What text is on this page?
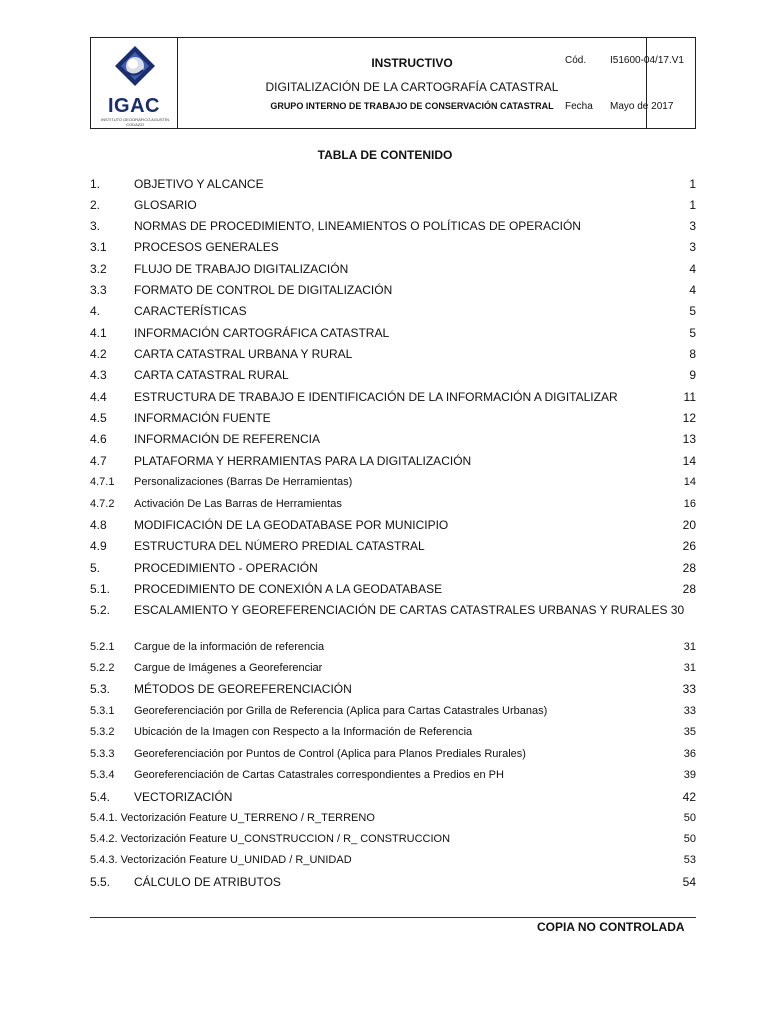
IGAC
INSTITUTO GEOGRÁFICO AGUSTÍN CODAZZI
INSTRUCTIVO
DIGITALIZACIÓN DE LA CARTOGRAFÍA CATASTRAL
GRUPO INTERNO DE TRABAJO DE CONSERVACIÓN CATASTRAL
Cód. I51600-04/17.V1
Fecha Mayo de 2017
TABLA DE CONTENIDO
1.	OBJETIVO Y ALCANCE	1
2.	GLOSARIO	1
3.	NORMAS DE PROCEDIMIENTO, LINEAMIENTOS O POLÍTICAS DE OPERACIÓN	3
3.1 PROCESOS GENERALES	3
3.2 FLUJO DE TRABAJO DIGITALIZACIÓN	4
3.3 FORMATO DE CONTROL DE DIGITALIZACIÓN	4
4.	CARACTERÍSTICAS	5
4.1 INFORMACIÓN CARTOGRÁFICA CATASTRAL	5
4.2 CARTA CATASTRAL URBANA Y RURAL	8
4.3 CARTA CATASTRAL RURAL	9
4.4 ESTRUCTURA DE TRABAJO E IDENTIFICACIÓN DE LA INFORMACIÓN A DIGITALIZAR	11
4.5 INFORMACIÓN FUENTE	12
4.6 INFORMACIÓN DE REFERENCIA	13
4.7 PLATAFORMA Y HERRAMIENTAS PARA LA DIGITALIZACIÓN	14
4.7.1 Personalizaciones (Barras De Herramientas)	14
4.7.2 Activación De Las Barras de Herramientas	16
4.8 MODIFICACIÓN DE LA GEODATABASE POR MUNICIPIO	20
4.9 ESTRUCTURA DEL NÚMERO PREDIAL CATASTRAL	26
5.	PROCEDIMIENTO - OPERACIÓN	28
5.1. PROCEDIMIENTO DE CONEXIÓN A LA GEODATABASE	28
5.2. ESCALAMIENTO Y GEOREFERENCIACIÓN DE CARTAS CATASTRALES URBANAS Y RURALES 30
5.2.1 Cargue de la información de referencia	31
5.2.2 Cargue de Imágenes a Georeferenciar	31
5.3. MÉTODOS DE GEOREFERENCIACIÓN	33
5.3.1 Georeferenciación por Grilla de Referencia (Aplica para Cartas Catastrales Urbanas)	33
5.3.2 Ubicación de la Imagen con Respecto a la Información de Referencia	35
5.3.3 Georeferenciación por Puntos de Control (Aplica para Planos Prediales Rurales)	36
5.3.4 Georeferenciación de Cartas Catastrales correspondientes a Predios en PH	39
5.4. VECTORIZACIÓN	42
5.4.1. Vectorización Feature U_TERRENO / R_TERRENO	50
5.4.2. Vectorización Feature U_CONSTRUCCION / R_ CONSTRUCCION	50
5.4.3. Vectorización Feature U_UNIDAD / R_UNIDAD	53
5.5. CÁLCULO DE ATRIBUTOS	54
COPIA NO CONTROLADA
